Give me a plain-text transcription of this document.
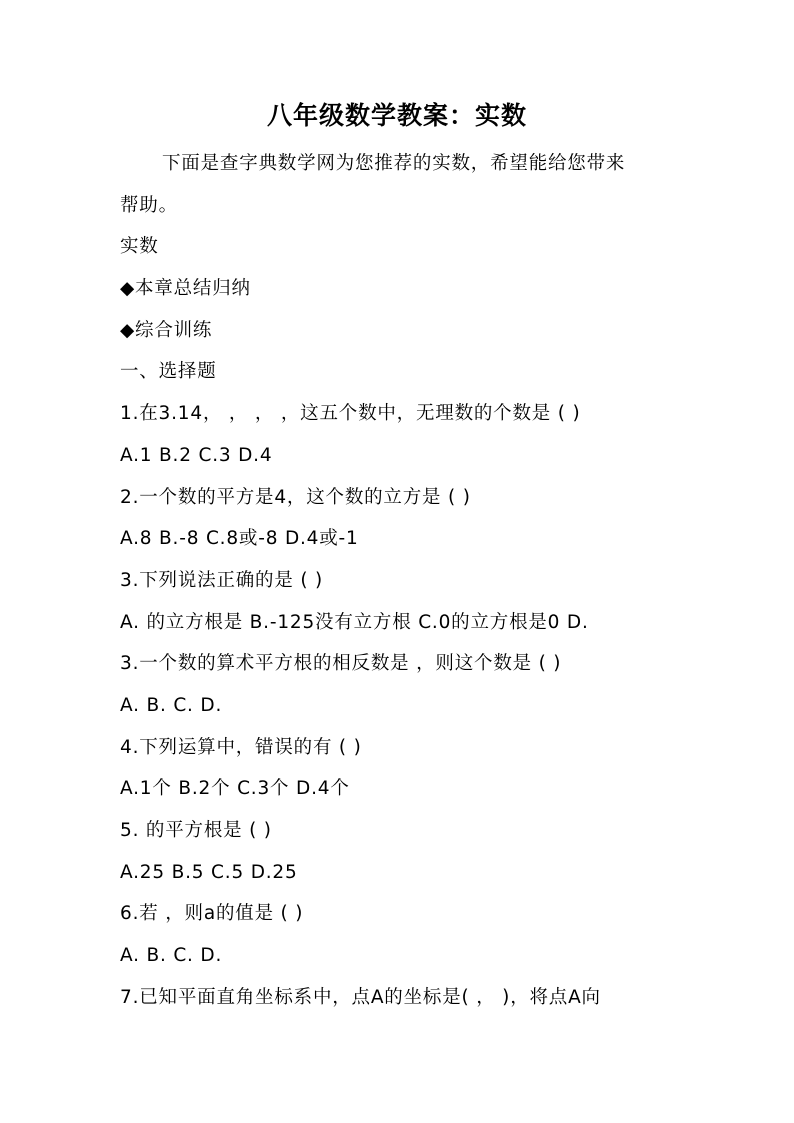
八年级数学教案：实数

下面是查字典数学网为您推荐的实数，希望能给您带来

帮助。

实数

◆本章总结归纳

◆综合训练

一、选择题

1.在3.14， ， ， ，这五个数中，无理数的个数是 ( )

A.1 B.2 C.3 D.4

2.一个数的平方是4，这个数的立方是 ( )

A.8 B.-8 C.8或-8 D.4或-1

3.下列说法正确的是 ( )

A. 的立方根是 B.-125没有立方根 C.0的立方根是0 D.

3.一个数的算术平方根的相反数是 ，则这个数是 ( )

A. B. C. D.

4.下列运算中，错误的有 ( )

A.1个 B.2个 C.3个 D.4个

5. 的平方根是 ( )

A.25 B.5 C.5 D.25

6.若 ，则a的值是 ( )

A. B. C. D.

7.已知平面直角坐标系中，点A的坐标是( ， )，将点A向
